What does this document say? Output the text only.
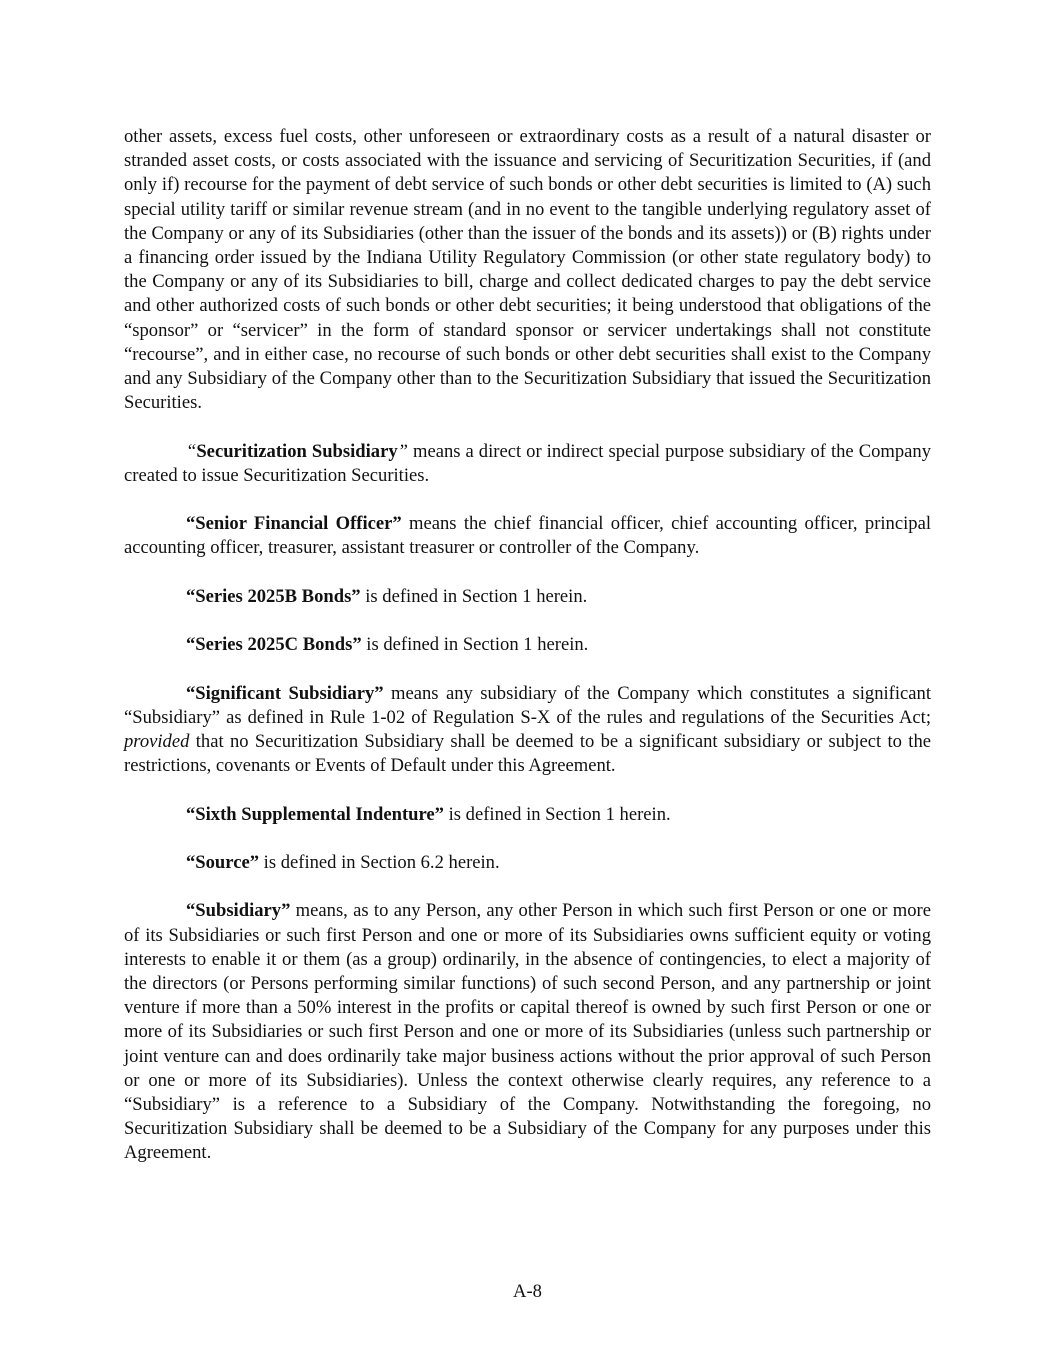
other assets, excess fuel costs, other unforeseen or extraordinary costs as a result of a natural disaster or stranded asset costs, or costs associated with the issuance and servicing of Securitization Securities, if (and only if) recourse for the payment of debt service of such bonds or other debt securities is limited to (A) such special utility tariff or similar revenue stream (and in no event to the tangible underlying regulatory asset of the Company or any of its Subsidiaries (other than the issuer of the bonds and its assets)) or (B) rights under a financing order issued by the Indiana Utility Regulatory Commission (or other state regulatory body) to the Company or any of its Subsidiaries to bill, charge and collect dedicated charges to pay the debt service and other authorized costs of such bonds or other debt securities; it being understood that obligations of the “sponsor” or “servicer” in the form of standard sponsor or servicer undertakings shall not constitute “recourse”, and in either case, no recourse of such bonds or other debt securities shall exist to the Company and any Subsidiary of the Company other than to the Securitization Subsidiary that issued the Securitization Securities.

“Securitization Subsidiary” means a direct or indirect special purpose subsidiary of the Company created to issue Securitization Securities.

“Senior Financial Officer” means the chief financial officer, chief accounting officer, principal accounting officer, treasurer, assistant treasurer or controller of the Company.

“Series 2025B Bonds” is defined in Section 1 herein.

“Series 2025C Bonds” is defined in Section 1 herein.

“Significant Subsidiary” means any subsidiary of the Company which constitutes a significant “Subsidiary” as defined in Rule 1-02 of Regulation S-X of the rules and regulations of the Securities Act; provided that no Securitization Subsidiary shall be deemed to be a significant subsidiary or subject to the restrictions, covenants or Events of Default under this Agreement.

“Sixth Supplemental Indenture” is defined in Section 1 herein.

“Source” is defined in Section 6.2 herein.

“Subsidiary” means, as to any Person, any other Person in which such first Person or one or more of its Subsidiaries or such first Person and one or more of its Subsidiaries owns sufficient equity or voting interests to enable it or them (as a group) ordinarily, in the absence of contingencies, to elect a majority of the directors (or Persons performing similar functions) of such second Person, and any partnership or joint venture if more than a 50% interest in the profits or capital thereof is owned by such first Person or one or more of its Subsidiaries or such first Person and one or more of its Subsidiaries (unless such partnership or joint venture can and does ordinarily take major business actions without the prior approval of such Person or one or more of its Subsidiaries). Unless the context otherwise clearly requires, any reference to a “Subsidiary” is a reference to a Subsidiary of the Company. Notwithstanding the foregoing, no Securitization Subsidiary shall be deemed to be a Subsidiary of the Company for any purposes under this Agreement.

A-8
